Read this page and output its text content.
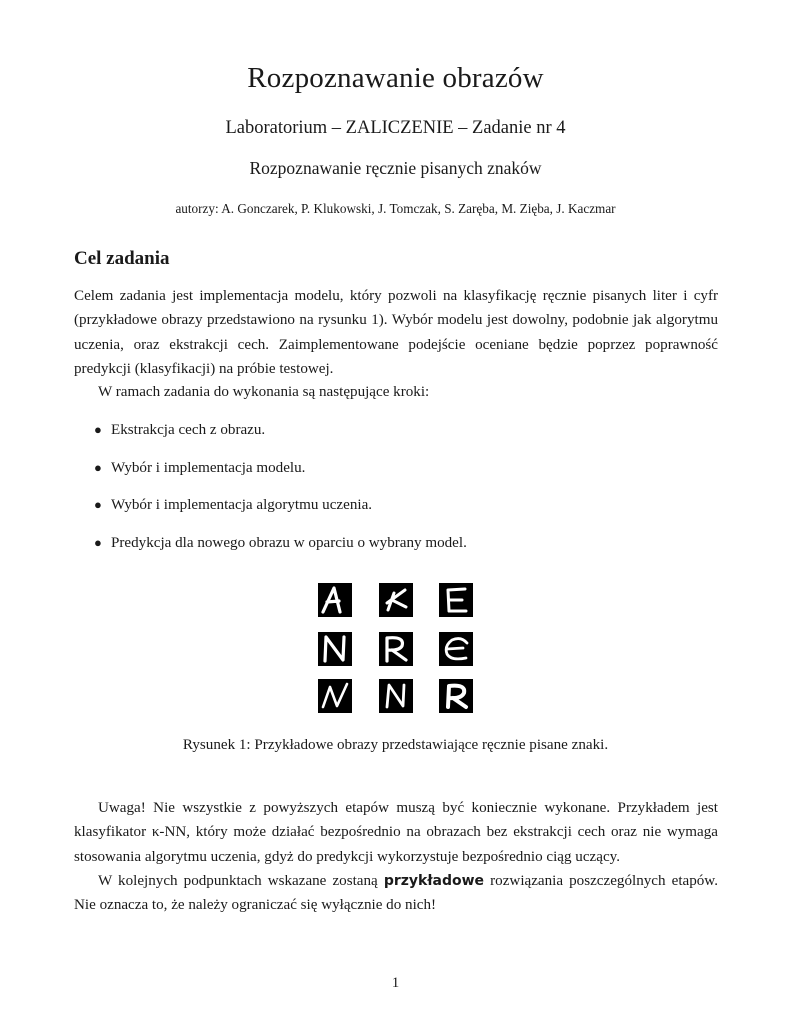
Rozpoznawanie obrazów
Laboratorium – ZALICZENIE – Zadanie nr 4
Rozpoznawanie ręcznie pisanych znaków
autorzy: A. Gonczarek, P. Klukowski, J. Tomczak, S. Zaręba, M. Zięba, J. Kaczmar
Cel zadania
Celem zadania jest implementacja modelu, który pozwoli na klasyfikację ręcznie pisanych liter i cyfr (przykładowe obrazy przedstawiono na rysunku 1). Wybór modelu jest dowolny, podobnie jak algorytmu uczenia, oraz ekstrakcji cech. Zaimplementowane podejście oceniane będzie poprzez poprawność predykcji (klasyfikacji) na próbie testowej.
W ramach zadania do wykonania są następujące kroki:
● Ekstrakcja cech z obrazu.
● Wybór i implementacja modelu.
● Wybór i implementacja algorytmu uczenia.
● Predykcja dla nowego obrazu w oparciu o wybrany model.
Rysunek 1: Przykładowe obrazy przedstawiające ręcznie pisane znaki.
Uwaga! Nie wszystkie z powyższych etapów muszą być koniecznie wykonane. Przykładem jest klasyfikator κ-NN, który może działać bezpośrednio na obrazach bez ekstrakcji cech oraz nie wymaga stosowania algorytmu uczenia, gdyż do predykcji wykorzystuje bezpośrednio ciąg uczący.
W kolejnych podpunktach wskazane zostaną przykładowe rozwiązania poszczególnych etapów. Nie oznacza to, że należy ograniczać się wyłącznie do nich!
1
